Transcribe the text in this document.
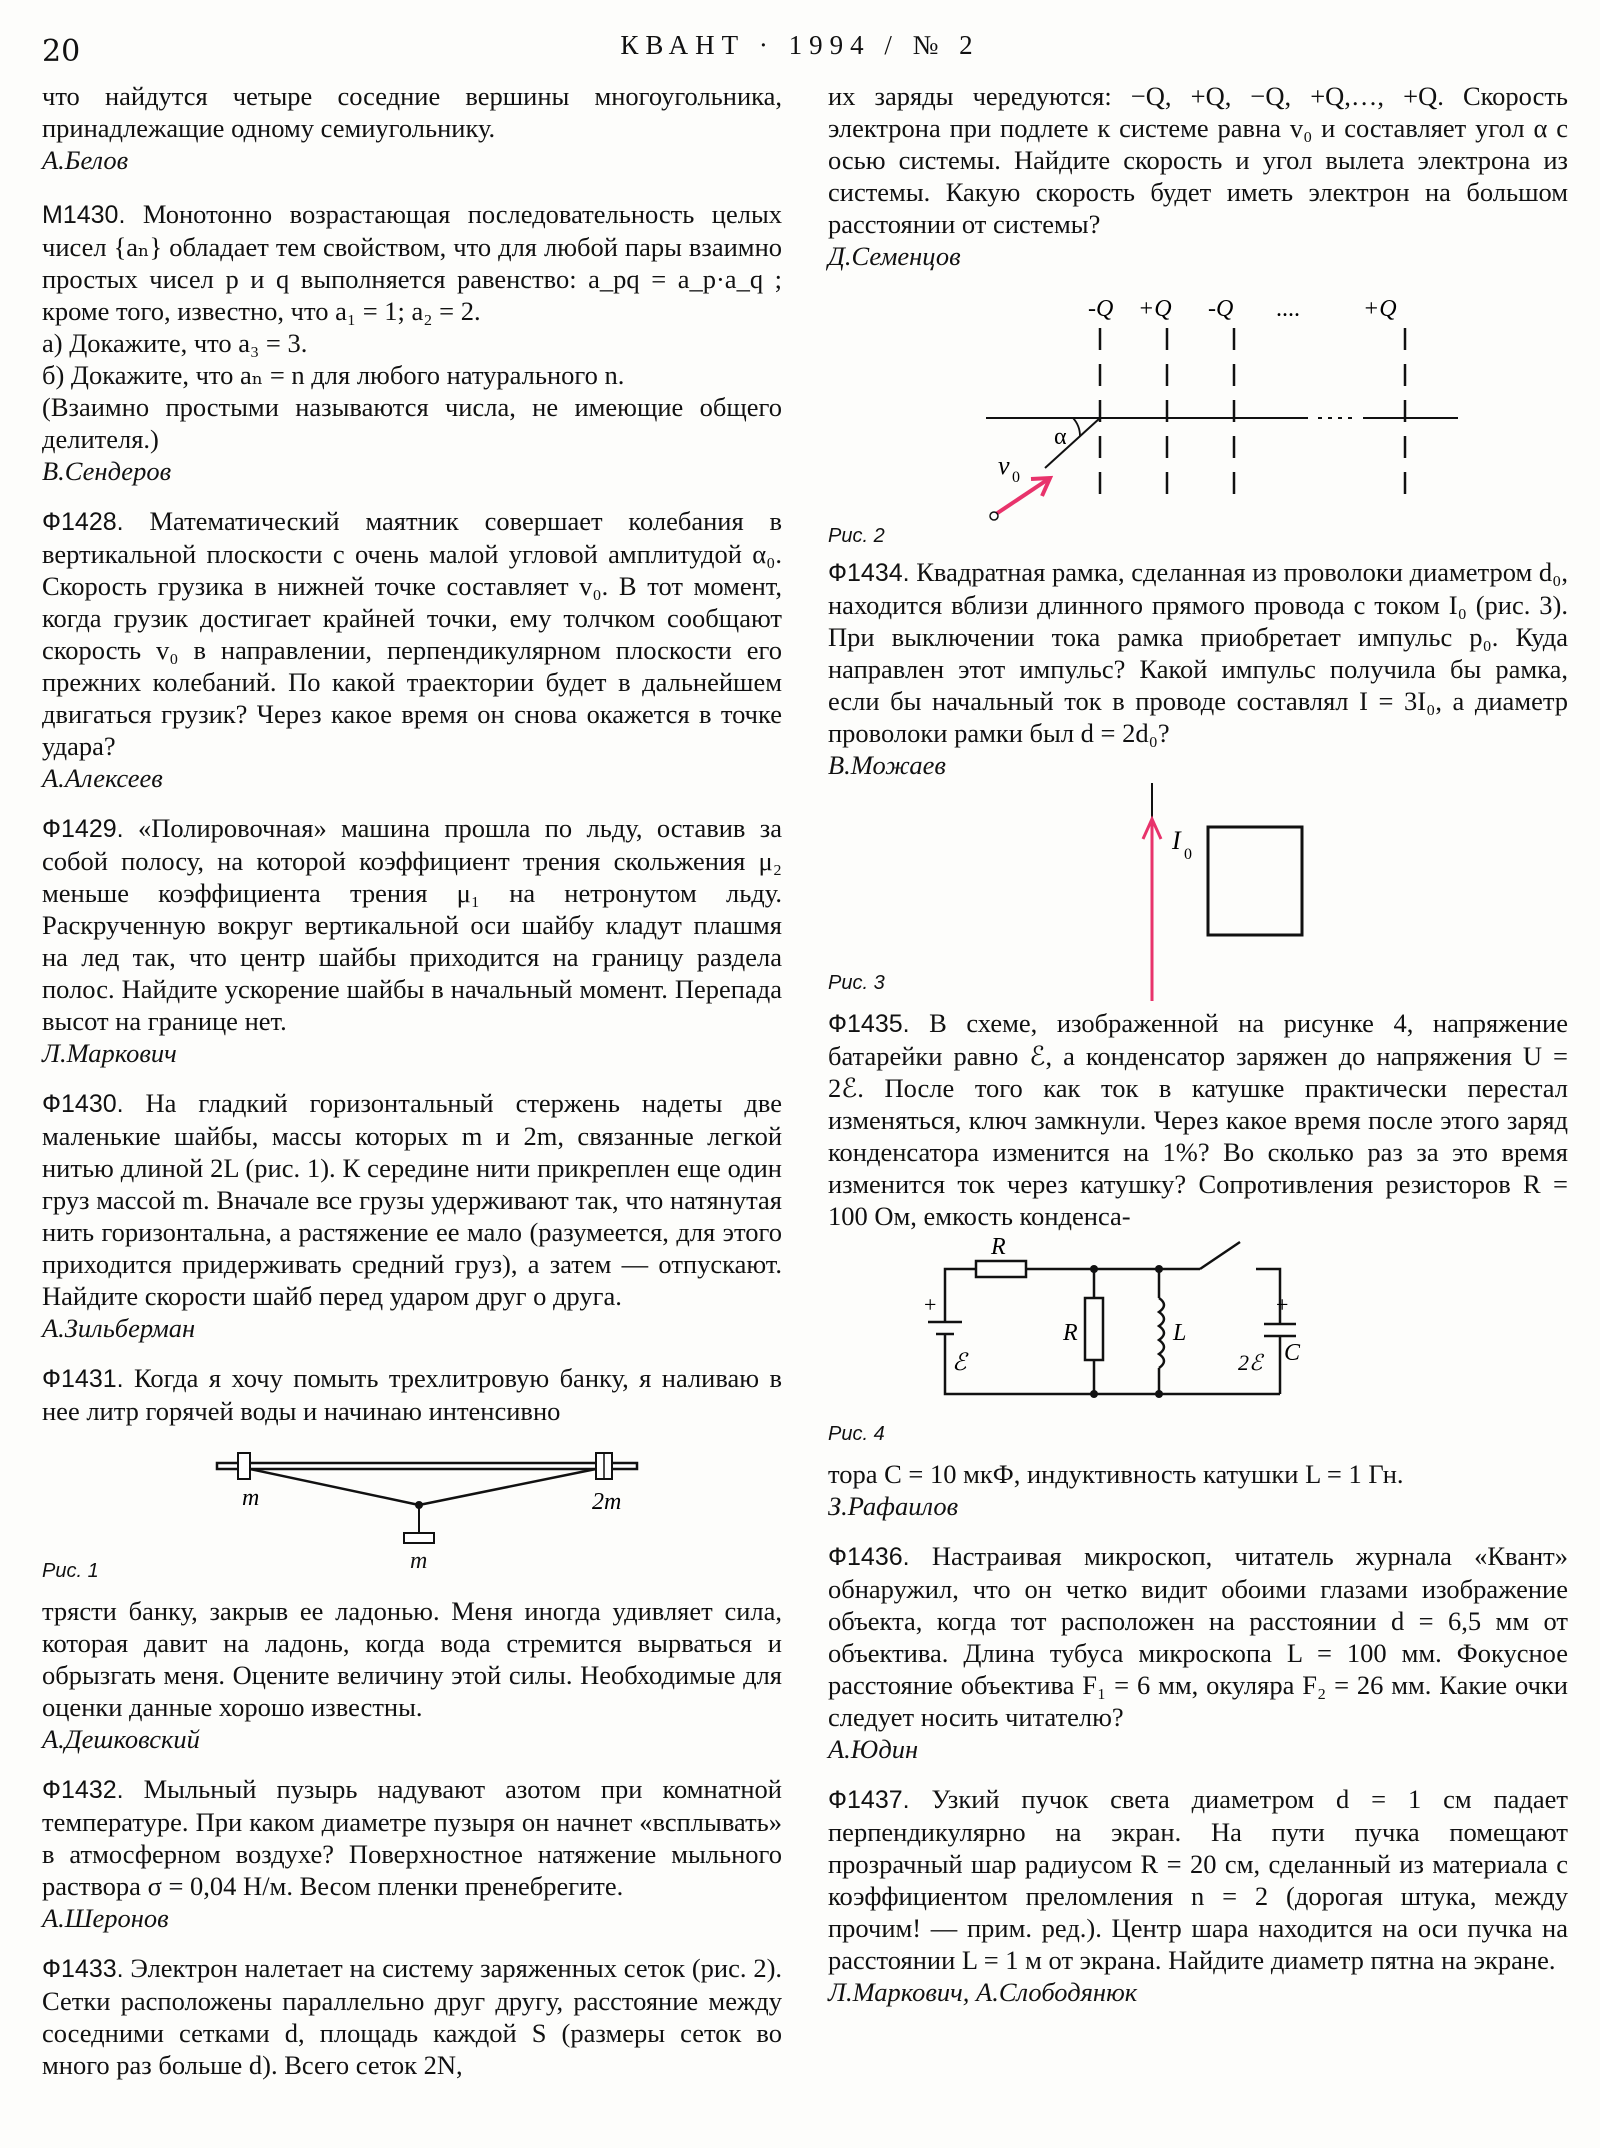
20	КВАНТ · 1994 / № 2

что найдутся четыре соседние вершины многоугольника, принадлежащие одному семиугольнику.

А.Белов

М1430. Монотонно возрастающая последовательность целых чисел {aₙ} обладает тем свойством, что для любой пары взаимно простых чисел p и q выполняется равенство: a_pq = a_p·a_q ; кроме того, известно, что a₁ = 1; a₂ = 2.

а) Докажите, что a₃ = 3.
б) Докажите, что aₙ = n для любого натурального n.

(Взаимно простыми называются числа, не имеющие общего делителя.)

В.Сендеров

Ф1428. Математический маятник совершает колебания в вертикальной плоскости с очень малой угловой амплитудой α₀. Скорость грузика в нижней точке составляет v₀. В тот момент, когда грузик достигает крайней точки, ему толчком сообщают скорость v₀ в направлении, перпендикулярном плоскости его прежних колебаний. По какой траектории будет в дальнейшем двигаться грузик? Через какое время он снова окажется в точке удара?

А.Алексеев

Ф1429. «Полировочная» машина прошла по льду, оставив за собой полосу, на которой коэффициент трения скольжения μ₂ меньше коэффициента трения μ₁ на нетронутом льду. Раскрученную вокруг вертикальной оси шайбу кладут плашмя на лед так, что центр шайбы приходится на границу раздела полос. Найдите ускорение шайбы в начальный момент. Перепада высот на границе нет.

Л.Маркович

Ф1430. На гладкий горизонтальный стержень надеты две маленькие шайбы, массы которых m и 2m, связанные легкой нитью длиной 2L (рис. 1). К середине нити прикреплен еще один груз массой m. Вначале все грузы удерживают так, что натянутая нить горизонтальна, а растяжение ее мало (разумеется, для этого приходится придерживать средний груз), а затем — отпускают. Найдите скорости шайб перед ударом друг о друга.

А.Зильберман

Ф1431. Когда я хочу помыть трехлитровую банку, я наливаю в нее литр горячей воды и начинаю интенсивно

m	2m
m
Рис. 1

трясти банку, закрыв ее ладонью. Меня иногда удивляет сила, которая давит на ладонь, когда вода стремится вырваться и обрызгать меня. Оцените величину этой силы. Необходимые для оценки данные хорошо известны.

А.Дешковский

Ф1432. Мыльный пузырь надувают азотом при комнатной температуре. При каком диаметре пузыря он начнет «всплывать» в атмосферном воздухе? Поверхностное натяжение мыльного раствора σ = 0,04 Н/м. Весом пленки пренебрегите.

А.Шеронов

Ф1433. Электрон налетает на систему заряженных сеток (рис. 2). Сетки расположены параллельно друг другу, расстояние между соседними сетками d, площадь каждой S (размеры сеток во много раз больше d). Всего сеток 2N,

их заряды чередуются: −Q, +Q, −Q, +Q,…, +Q. Скорость электрона при подлете к системе равна v₀ и составляет угол α с осью системы. Найдите скорость и угол вылета электрона из системы. Какую скорость будет иметь электрон на большом расстоянии от системы?

Д.Семенцов
-Q +Q -Q ....	+Q
α
v 0
Рис. 2

Ф1434. Квадратная рамка, сделанная из проволоки диаметром d₀, находится вблизи длинного прямого провода с током I₀ (рис. 3). При выключении тока рамка приобретает импульс p₀. Куда направлен этот импульс? Какой импульс получила бы рамка, если бы начальный ток в проводе составлял I = 3I₀, а диаметр проволоки рамки был d = 2d₀?

В.Можаев
I 0
Рис. 3

Ф1435. В схеме, изображенной на рисунке 4, напряжение батарейки равно ℰ, а конденсатор заряжен до напряжения U = 2ℰ. После того как ток в катушке практически перестал изменяться, ключ замкнули. Через какое время после этого заряд конденсатора изменится на 1%? Во сколько раз за это время изменится ток через катушку? Сопротивления резисторов R = 100 Ом, емкость конденса-

R
R	L
+
ℰ
+
2ℰ C
Рис. 4

тора C = 10 мкФ, индуктивность катушки L = 1 Гн.

З.Рафаилов

Ф1436. Настраивая микроскоп, читатель журнала «Квант» обнаружил, что он четко видит обоими глазами изображение объекта, когда тот расположен на расстоянии d = 6,5 мм от объектива. Длина тубуса микроскопа L = 100 мм. Фокусное расстояние объектива F₁ = 6 мм, окуляра F₂ = 26 мм. Какие очки следует носить читателю?

А.Юдин

Ф1437. Узкий пучок света диаметром d = 1 см падает перпендикулярно на экран. На пути пучка помещают прозрачный шар радиусом R = 20 см, сделанный из материала с коэффициентом преломления n = 2 (дорогая штука, между прочим! — прим. ред.). Центр шара находится на оси пучка на расстоянии L = 1 м от экрана. Найдите диаметр пятна на экране.

Л.Маркович, А.Слободянюк
